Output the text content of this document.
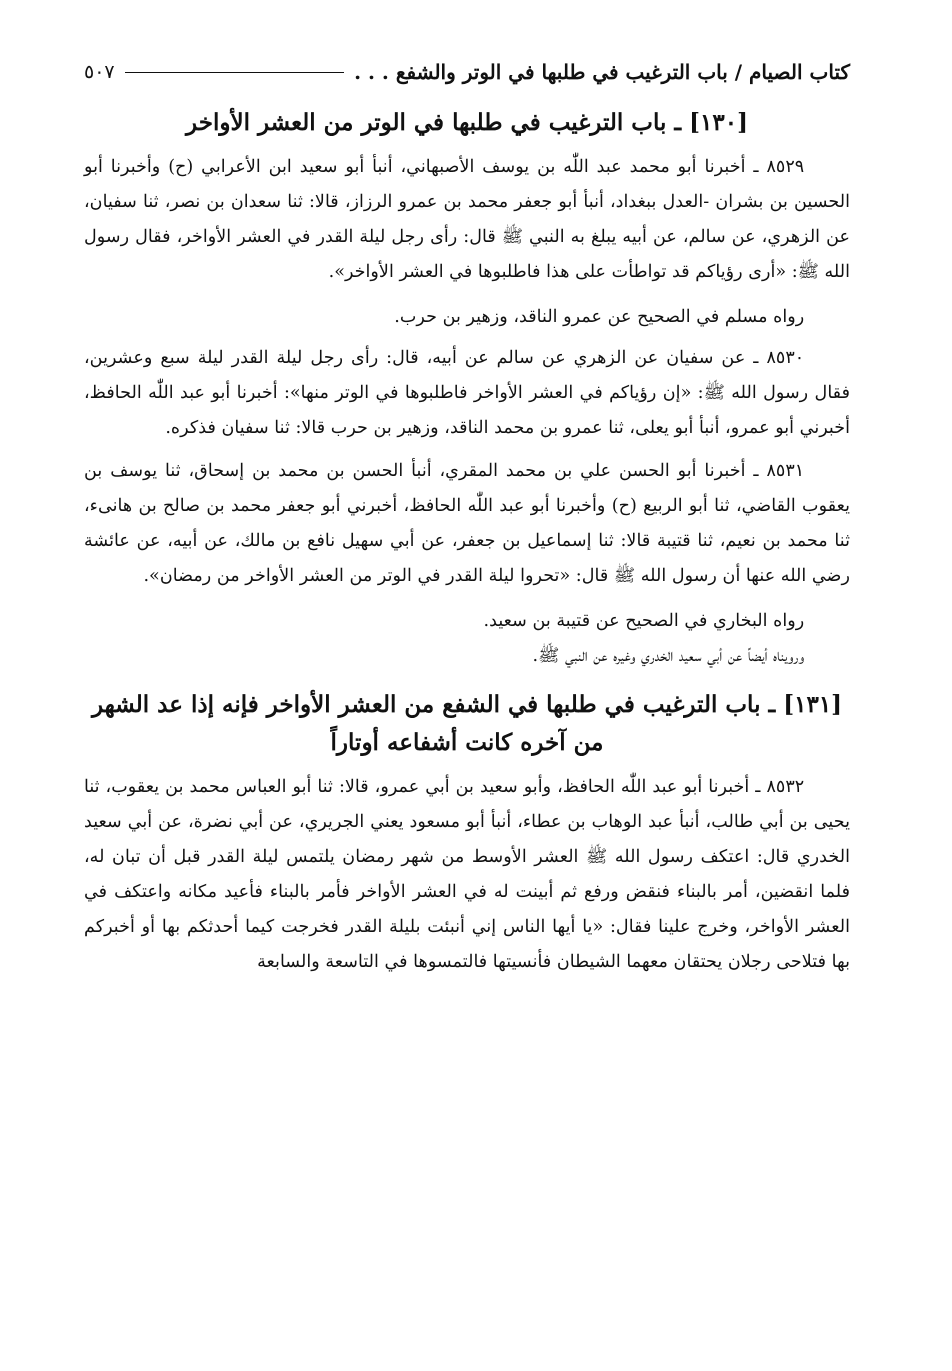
كتاب الصيام / باب الترغيب في طلبها في الوتر والشفع . . .
٥٠٧
[١٣٠] ـ باب الترغيب في طلبها في الوتر من العشر الأواخر

٨٥٢٩ ـ أخبرنا أبو محمد عبد اللّٰه بن يوسف الأصبهاني، أنبأ أبو سعيد ابن الأعرابي (ح) وأخبرنا أبو الحسين بن بشران -العدل ببغداد، أنبأ أبو جعفر محمد بن عمرو الرزاز، قالا: ثنا سعدان بن نصر، ثنا سفيان، عن الزهري، عن سالم، عن أبيه يبلغ به النبي ﷺ قال: رأى رجل ليلة القدر في العشر الأواخر، فقال رسول الله ﷺ: «أرى رؤياكم قد تواطأت على هذا فاطلبوها في العشر الأواخر».

رواه مسلم في الصحيح عن عمرو الناقد، وزهير بن حرب.

٨٥٣٠ ـ عن سفيان عن الزهري عن سالم عن أبيه، قال: رأى رجل ليلة القدر ليلة سبع وعشرين، فقال رسول الله ﷺ: «إن رؤياكم في العشر الأواخر فاطلبوها في الوتر منها»: أخبرنا أبو عبد اللّٰه الحافظ، أخبرني أبو عمرو، أنبأ أبو يعلى، ثنا عمرو بن محمد الناقد، وزهير بن حرب قالا: ثنا سفيان فذكره.

٨٥٣١ ـ أخبرنا أبو الحسن علي بن محمد المقري، أنبأ الحسن بن محمد بن إسحاق، ثنا يوسف بن يعقوب القاضي، ثنا أبو الربيع (ح) وأخبرنا أبو عبد اللّٰه الحافظ، أخبرني أبو جعفر محمد بن صالح بن هانىء، ثنا محمد بن نعيم، ثنا قتيبة قالا: ثنا إسماعيل بن جعفر، عن أبي سهيل نافع بن مالك، عن أبيه، عن عائشة رضي الله عنها أن رسول الله ﷺ قال: «تحروا ليلة القدر في الوتر من العشر الأواخر من رمضان».

رواه البخاري في الصحيح عن قتيبة بن سعيد.

ورويناه أيضاً عن أبي سعيد الخدري وغيره عن النبي ﷺ.

[١٣١] ـ باب الترغيب في طلبها في الشفع من العشر الأواخر فإنه إذا عد الشهر من آخره كانت أشفاعه أوتاراً

٨٥٣٢ ـ أخبرنا أبو عبد اللّٰه الحافظ، وأبو سعيد بن أبي عمرو، قالا: ثنا أبو العباس محمد بن يعقوب، ثنا يحيى بن أبي طالب، أنبأ عبد الوهاب بن عطاء، أنبأ أبو مسعود يعني الجريري، عن أبي نضرة، عن أبي سعيد الخدري قال: اعتكف رسول الله ﷺ العشر الأوسط من شهر رمضان يلتمس ليلة القدر قبل أن تبان له، فلما انقضين، أمر بالبناء فنقض ورفع ثم أبينت له في العشر الأواخر فأمر بالبناء فأعيد مكانه واعتكف في العشر الأواخر، وخرج علينا فقال: «يا أيها الناس إني أنبئت بليلة القدر فخرجت كيما أحدثكم بها أو أخبركم بها فتلاحى رجلان يحتقان معهما الشيطان فأنسيتها فالتمسوها في التاسعة والسابعة
